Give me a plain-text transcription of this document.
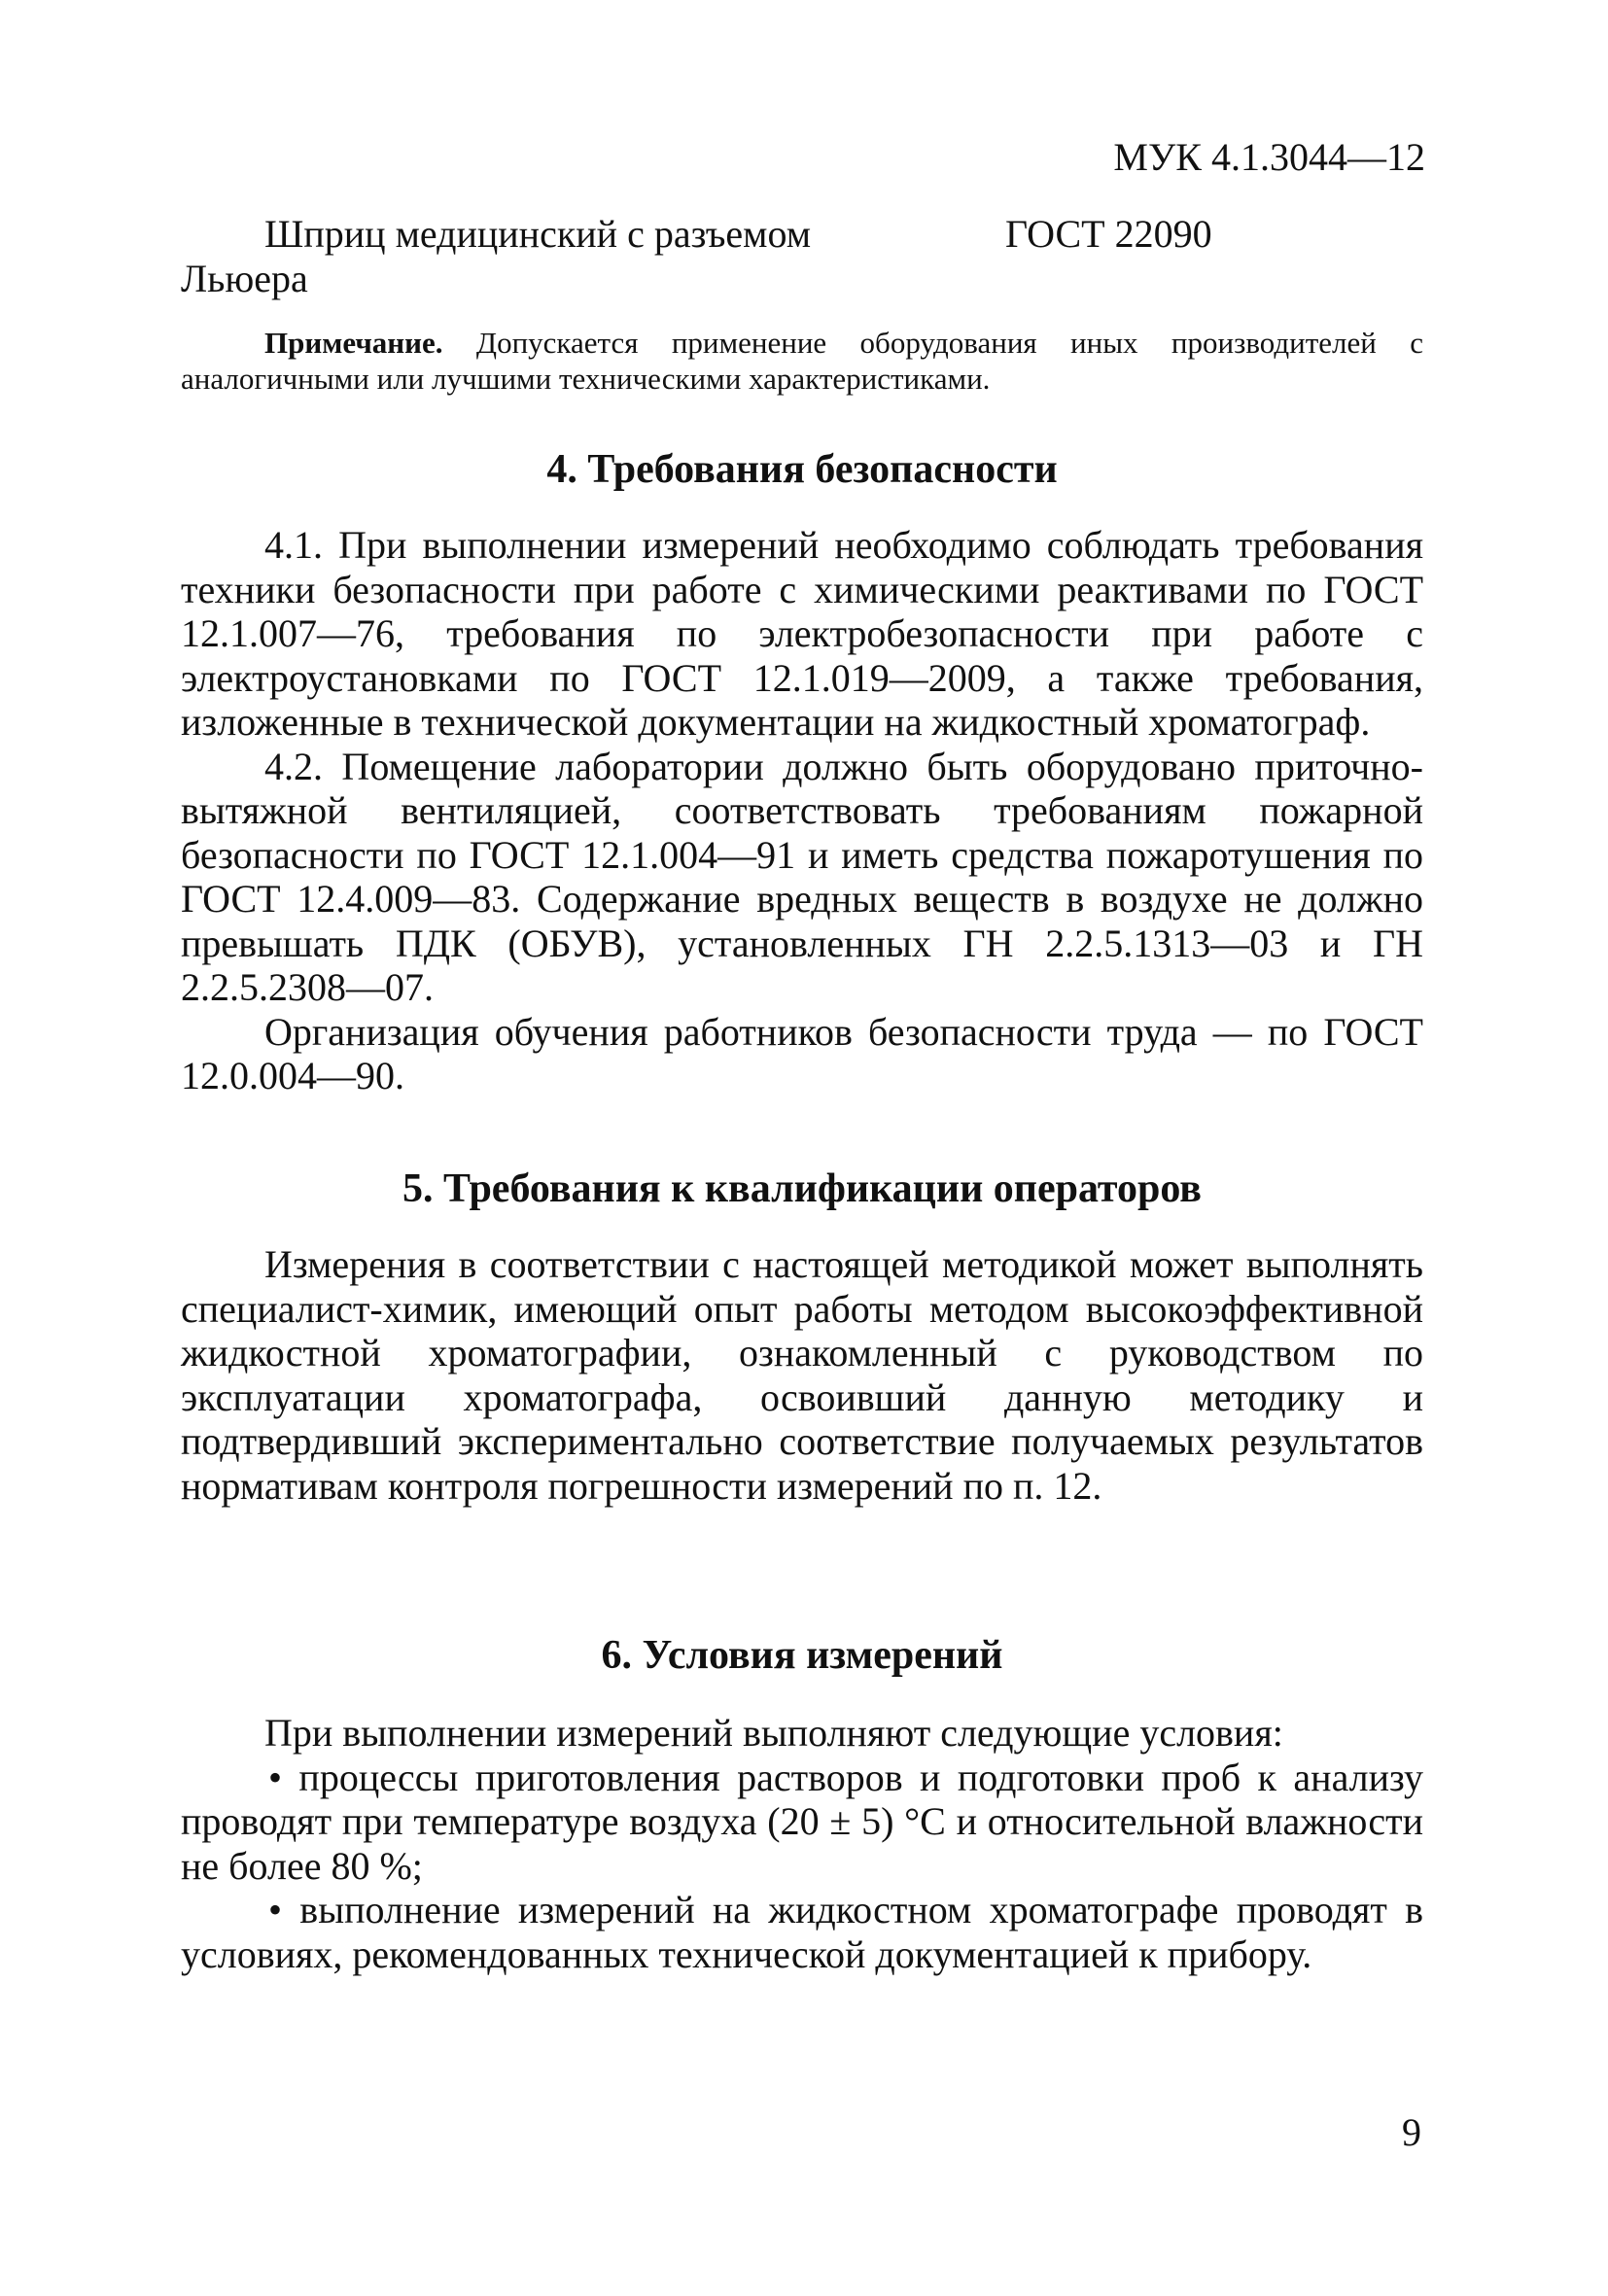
МУК 4.1.3044—12
Шприц медицинский с разъемом
Льюера
ГОСТ 22090

Примечание. Допускается применение оборудования иных производителей с аналогичными или лучшими техническими характеристиками.

4. Требования безопасности

4.1. При выполнении измерений необходимо соблюдать требования техники безопасности при работе с химическими реактивами по ГОСТ 12.1.007—76, требования по электробезопасности при работе с электроустановками по ГОСТ 12.1.019—2009, а также требования, изложенные в технической документации на жидкостный хроматограф.

4.2. Помещение лаборатории должно быть оборудовано приточно-вытяжной вентиляцией, соответствовать требованиям пожарной безопасности по ГОСТ 12.1.004—91 и иметь средства пожаротушения по ГОСТ 12.4.009—83. Содержание вредных веществ в воздухе не должно превышать ПДК (ОБУВ), установленных ГН 2.2.5.1313—03 и ГН 2.2.5.2308—07.

Организация обучения работников безопасности труда — по ГОСТ 12.0.004—90.

5. Требования к квалификации операторов

Измерения в соответствии с настоящей методикой может выполнять специалист-химик, имеющий опыт работы методом высокоэффективной жидкостной хроматографии, ознакомленный с руководством по эксплуатации хроматографа, освоивший данную методику и подтвердивший экспериментально соответствие получаемых результатов нормативам контроля погрешности измерений по п. 12.

6. Условия измерений

При выполнении измерений выполняют следующие условия:

• процессы приготовления растворов и подготовки проб к анализу проводят при температуре воздуха (20 ± 5) °С и относительной влажности не более 80 %;

• выполнение измерений на жидкостном хроматографе проводят в условиях, рекомендованных технической документацией к прибору.

9
